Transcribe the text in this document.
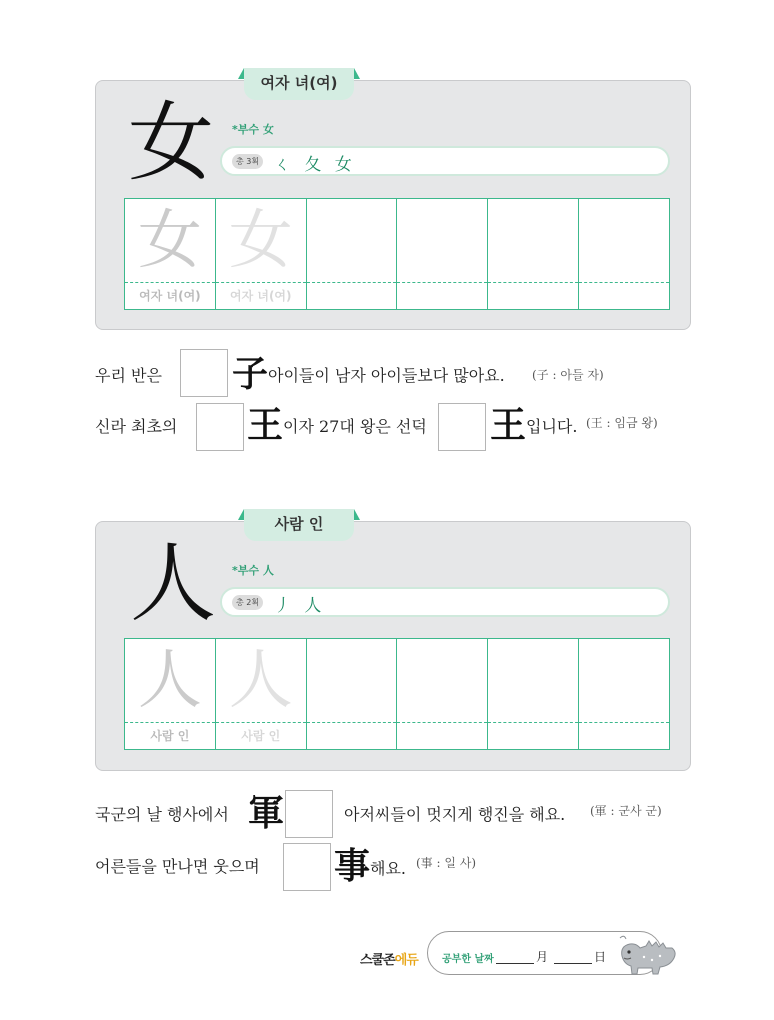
여자 녀(여)
女 *부수 女
총 3획 ㄑ 夂 女
女
여자 녀(여)
女
여자 녀(여)
우리 반은 子 아이들이 남자 아이들보다 많아요. (子 : 아들 자)
신라 최초의 王 이자 27대 왕은 선덕 王 입니다. (王 : 임금 왕)
사람 인
人 *부수 人
총 2획 丿 人
人
사람 인
人
사람 인
국군의 날 행사에서 軍	아저씨들이 멋지게 행진을 해요. (軍 : 군사 군)
어른들을 만나면 웃으며 事 해요. (事 : 일 사)
스쿨존에듀 공부한 날짜	月	日
